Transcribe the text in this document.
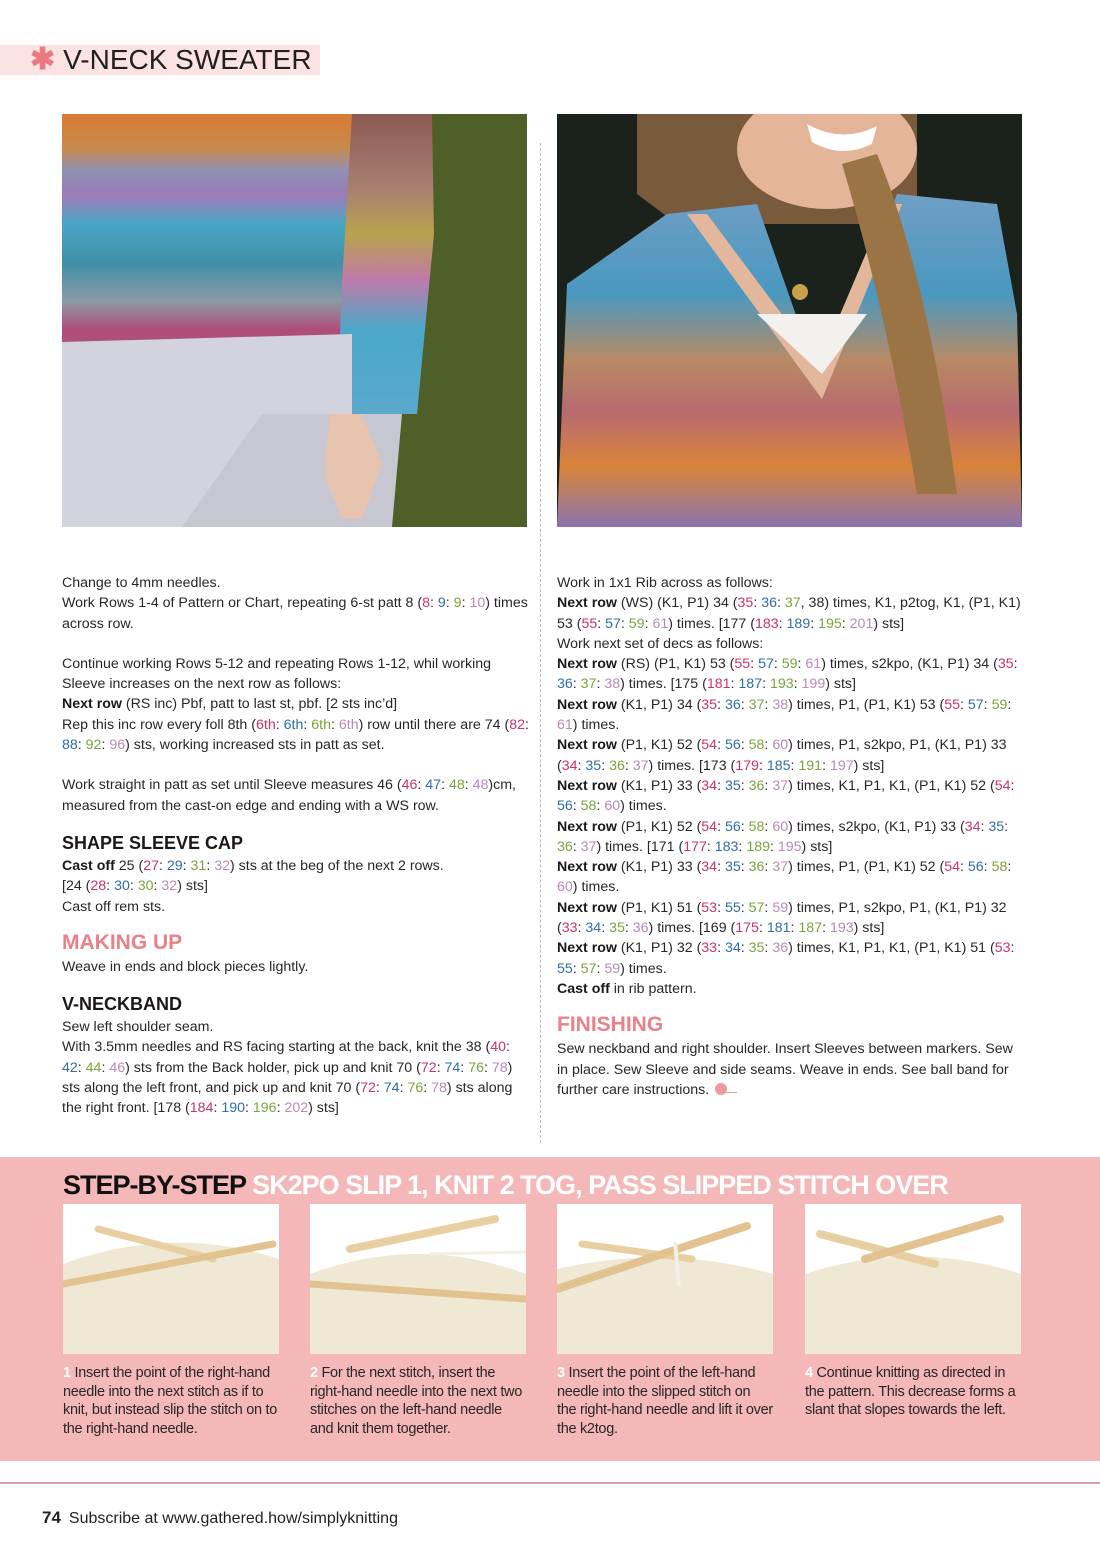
✱ V-NECK SWEATER

Change to 4mm needles.

Work Rows 1-4 of Pattern or Chart, repeating 6-st patt 8 (8: 9: 9: 10) times across row.

Continue working Rows 5-12 and repeating Rows 1-12, whil working Sleeve increases on the next row as follows:

Next row (RS inc) Pbf, patt to last st, pbf. [2 sts inc’d]

Rep this inc row every foll 8th (6th: 6th: 6th: 6th) row until there are 74 (82: 88: 92: 96) sts, working increased sts in patt as set.

Work straight in patt as set until Sleeve measures 46 (46: 47: 48: 48)cm, measured from the cast-on edge and ending with a WS row.

SHAPE SLEEVE CAP

Cast off 25 (27: 29: 31: 32) sts at the beg of the next 2 rows.

[24 (28: 30: 30: 32) sts]

Cast off rem sts.

MAKING UP

Weave in ends and block pieces lightly.

V-NECKBAND

Sew left shoulder seam.

With 3.5mm needles and RS facing starting at the back, knit the 38 (40: 42: 44: 46) sts from the Back holder, pick up and knit 70 (72: 74: 76: 78) sts along the left front, and pick up and knit 70 (72: 74: 76: 78) sts along the right front. [178 (184: 190: 196: 202) sts]

Work in 1x1 Rib across as follows:

Next row (WS) (K1, P1) 34 (35: 36: 37, 38) times, K1, p2tog, K1, (P1, K1) 53 (55: 57: 59: 61) times. [177 (183: 189: 195: 201) sts]

Work next set of decs as follows:

Next row (RS) (P1, K1) 53 (55: 57: 59: 61) times, s2kpo, (K1, P1) 34 (35: 36: 37: 38) times. [175 (181: 187: 193: 199) sts]

Next row (K1, P1) 34 (35: 36: 37: 38) times, P1, (P1, K1) 53 (55: 57: 59: 61) times.

Next row (P1, K1) 52 (54: 56: 58: 60) times, P1, s2kpo, P1, (K1, P1) 33 (34: 35: 36: 37) times. [173 (179: 185: 191: 197) sts]

Next row (K1, P1) 33 (34: 35: 36: 37) times, K1, P1, K1, (P1, K1) 52 (54: 56: 58: 60) times.

Next row (P1, K1) 52 (54: 56: 58: 60) times, s2kpo, (K1, P1) 33 (34: 35: 36: 37) times. [171 (177: 183: 189: 195) sts]

Next row (K1, P1) 33 (34: 35: 36: 37) times, P1, (P1, K1) 52 (54: 56: 58: 60) times.

Next row (P1, K1) 51 (53: 55: 57: 59) times, P1, s2kpo, P1, (K1, P1) 32 (33: 34: 35: 36) times. [169 (175: 181: 187: 193) sts]

Next row (K1, P1) 32 (33: 34: 35: 36) times, K1, P1, K1, (P1, K1) 51 (53: 55: 57: 59) times.

Cast off in rib pattern.

FINISHING

Sew neckband and right shoulder. Insert Sleeves between markers. Sew in place. Sew Sleeve and side seams. Weave in ends. See ball band for further care instructions.

STEP-BY-STEP SK2PO SLIP 1, KNIT 2 TOG, PASS SLIPPED STITCH OVER
1 Insert the point of the right-hand needle into the next stitch as if to knit, but instead slip the stitch on to the right-hand needle.
2 For the next stitch, insert the right-hand needle into the next two stitches on the left-hand needle and knit them together.
3 Insert the point of the left-hand needle into the slipped stitch on the right-hand needle and lift it over the k2tog.
4 Continue knitting as directed in the pattern. This decrease forms a slant that slopes towards the left.
74 Subscribe at www.gathered.how/simplyknitting
